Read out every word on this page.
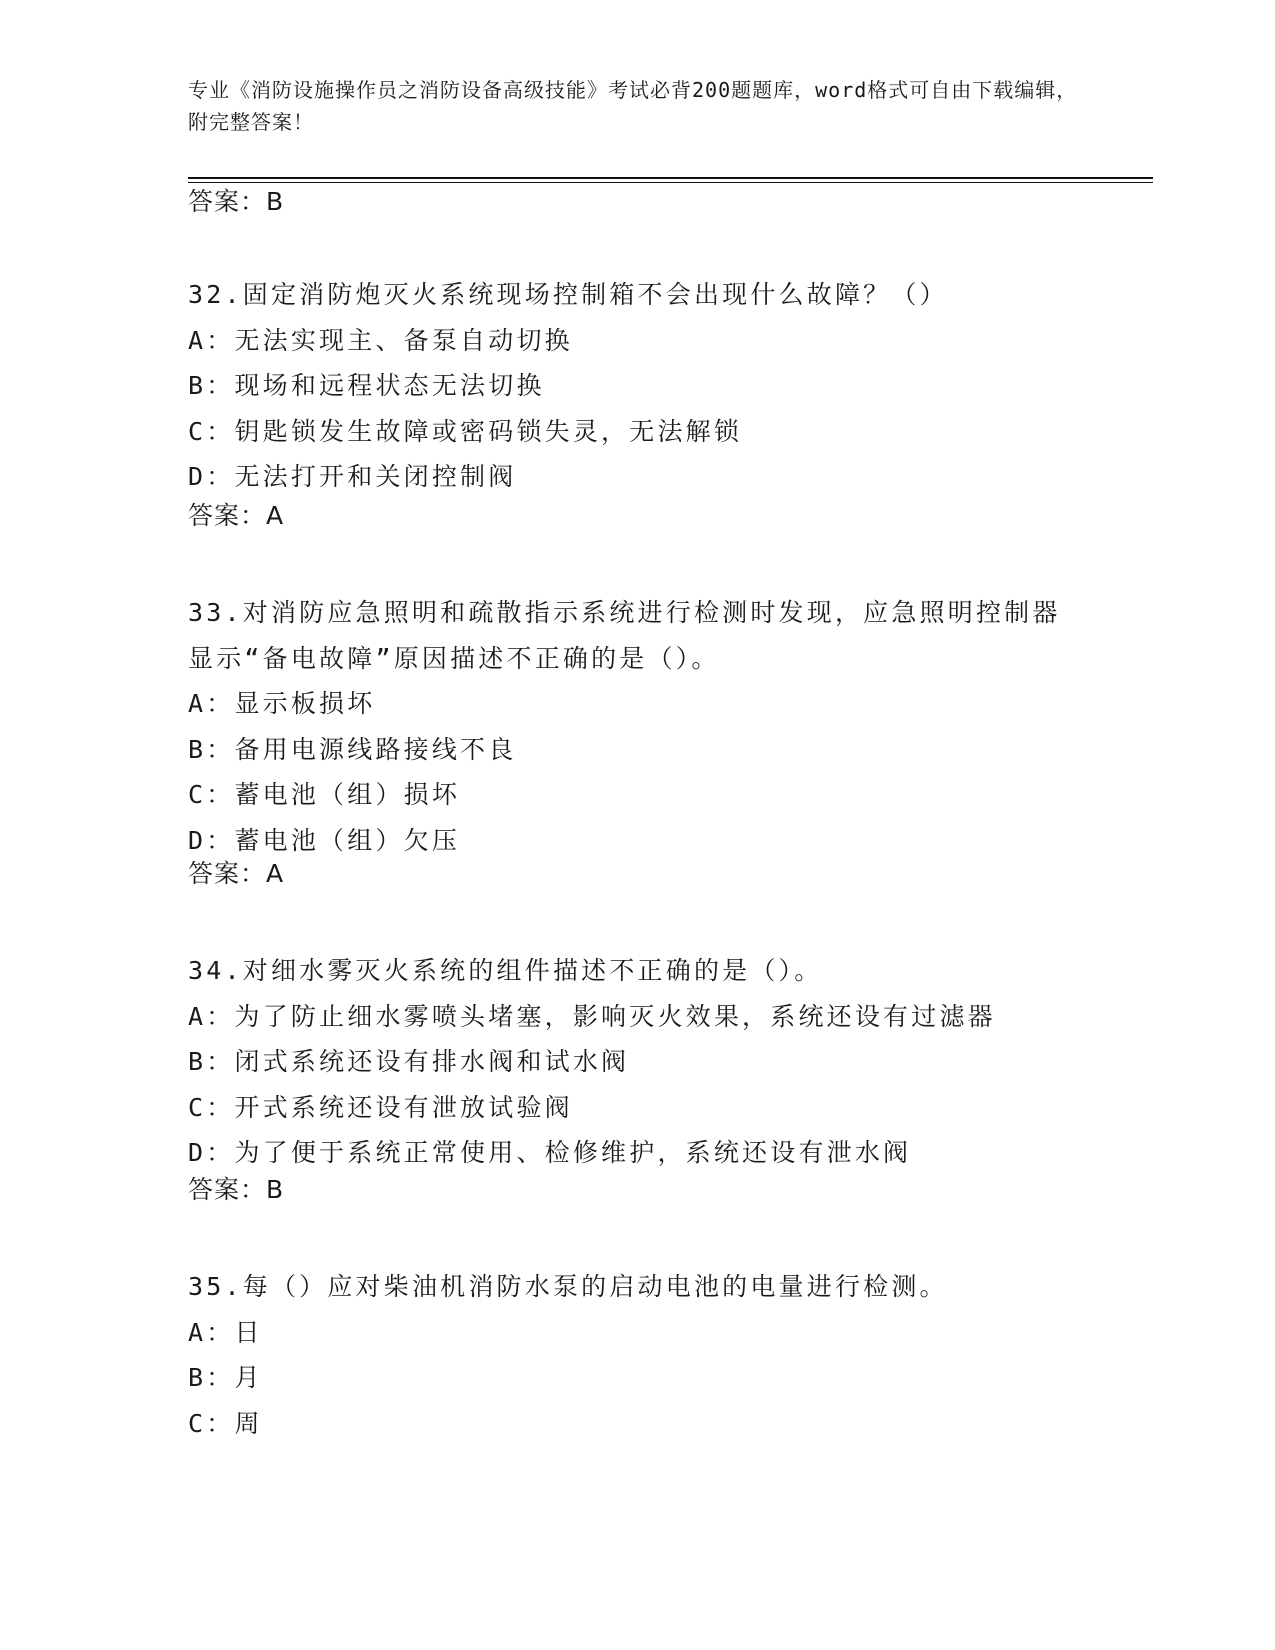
专业《消防设施操作员之消防设备高级技能》考试必背200题题库，word格式可自由下载编辑，附完整答案！
答案：B
32.固定消防炮灭火系统现场控制箱不会出现什么故障？（）
A：无法实现主、备泵自动切换
B：现场和远程状态无法切换
C：钥匙锁发生故障或密码锁失灵，无法解锁
D：无法打开和关闭控制阀
答案：A
33.对消防应急照明和疏散指示系统进行检测时发现，应急照明控制器显示“备电故障”原因描述不正确的是（）。
A：显示板损坏
B：备用电源线路接线不良
C：蓄电池（组）损坏
D：蓄电池（组）欠压
答案：A
34.对细水雾灭火系统的组件描述不正确的是（）。
A：为了防止细水雾喷头堵塞，影响灭火效果，系统还设有过滤器
B：闭式系统还设有排水阀和试水阀
C：开式系统还设有泄放试验阀
D：为了便于系统正常使用、检修维护，系统还设有泄水阀
答案：B
35.每（）应对柴油机消防水泵的启动电池的电量进行检测。
A：日
B：月
C：周
